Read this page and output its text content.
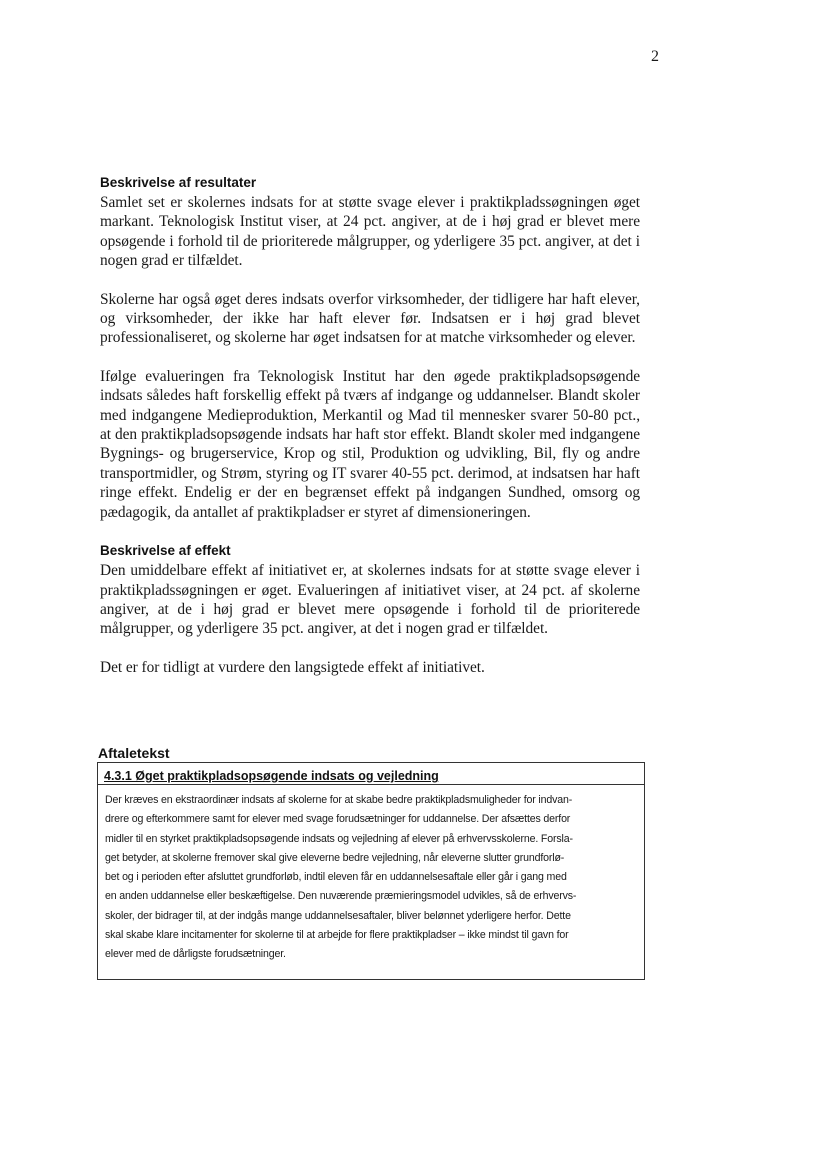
2
Beskrivelse af resultater

Samlet set er skolernes indsats for at støtte svage elever i praktikpladssøgningen øget markant. Teknologisk Institut viser, at 24 pct. angiver, at de i høj grad er blevet mere opsøgende i forhold til de prioriterede målgrupper, og yderligere 35 pct. angiver, at det i nogen grad er tilfældet.

Skolerne har også øget deres indsats overfor virksomheder, der tidligere har haft elever, og virksomheder, der ikke har haft elever før. Indsatsen er i høj grad blevet professionaliseret, og skolerne har øget indsatsen for at matche virksomheder og elever.

Ifølge evalueringen fra Teknologisk Institut har den øgede praktikpladsopsøgende indsats således haft forskellig effekt på tværs af indgange og uddannelser. Blandt skoler med indgangene Medieproduktion, Merkantil og Mad til mennesker svarer 50-80 pct., at den praktikpladsopsøgende indsats har haft stor effekt. Blandt skoler med indgangene Bygnings- og brugerservice, Krop og stil, Produktion og udvikling, Bil, fly og andre transportmidler, og Strøm, styring og IT svarer 40-55 pct. derimod, at indsatsen har haft ringe effekt. Endelig er der en begrænset effekt på indgangen Sundhed, omsorg og pædagogik, da antallet af praktikpladser er styret af dimensioneringen.

Beskrivelse af effekt

Den umiddelbare effekt af initiativet er, at skolernes indsats for at støtte svage elever i praktikpladssøgningen er øget. Evalueringen af initiativet viser, at 24 pct. af skolerne angiver, at de i høj grad er blevet mere opsøgende i forhold til de prioriterede målgrupper, og yderligere 35 pct. angiver, at det i nogen grad er tilfældet.

Det er for tidligt at vurdere den langsigtede effekt af initiativet.

Aftaletekst
4.3.1 Øget praktikpladsopsøgende indsats og vejledning
Der kræves en ekstraordinær indsats af skolerne for at skabe bedre praktikpladsmuligheder for indvan-
drere og efterkommere samt for elever med svage forudsætninger for uddannelse. Der afsættes derfor
midler til en styrket praktikpladsopsøgende indsats og vejledning af elever på erhvervsskolerne. Forsla-
get betyder, at skolerne fremover skal give eleverne bedre vejledning, når eleverne slutter grundforlø-
bet og i perioden efter afsluttet grundforløb, indtil eleven får en uddannelsesaftale eller går i gang med
en anden uddannelse eller beskæftigelse. Den nuværende præmieringsmodel udvikles, så de erhvervs-
skoler, der bidrager til, at der indgås mange uddannelsesaftaler, bliver belønnet yderligere herfor. Dette
skal skabe klare incitamenter for skolerne til at arbejde for flere praktikpladser – ikke mindst til gavn for
elever med de dårligste forudsætninger.
